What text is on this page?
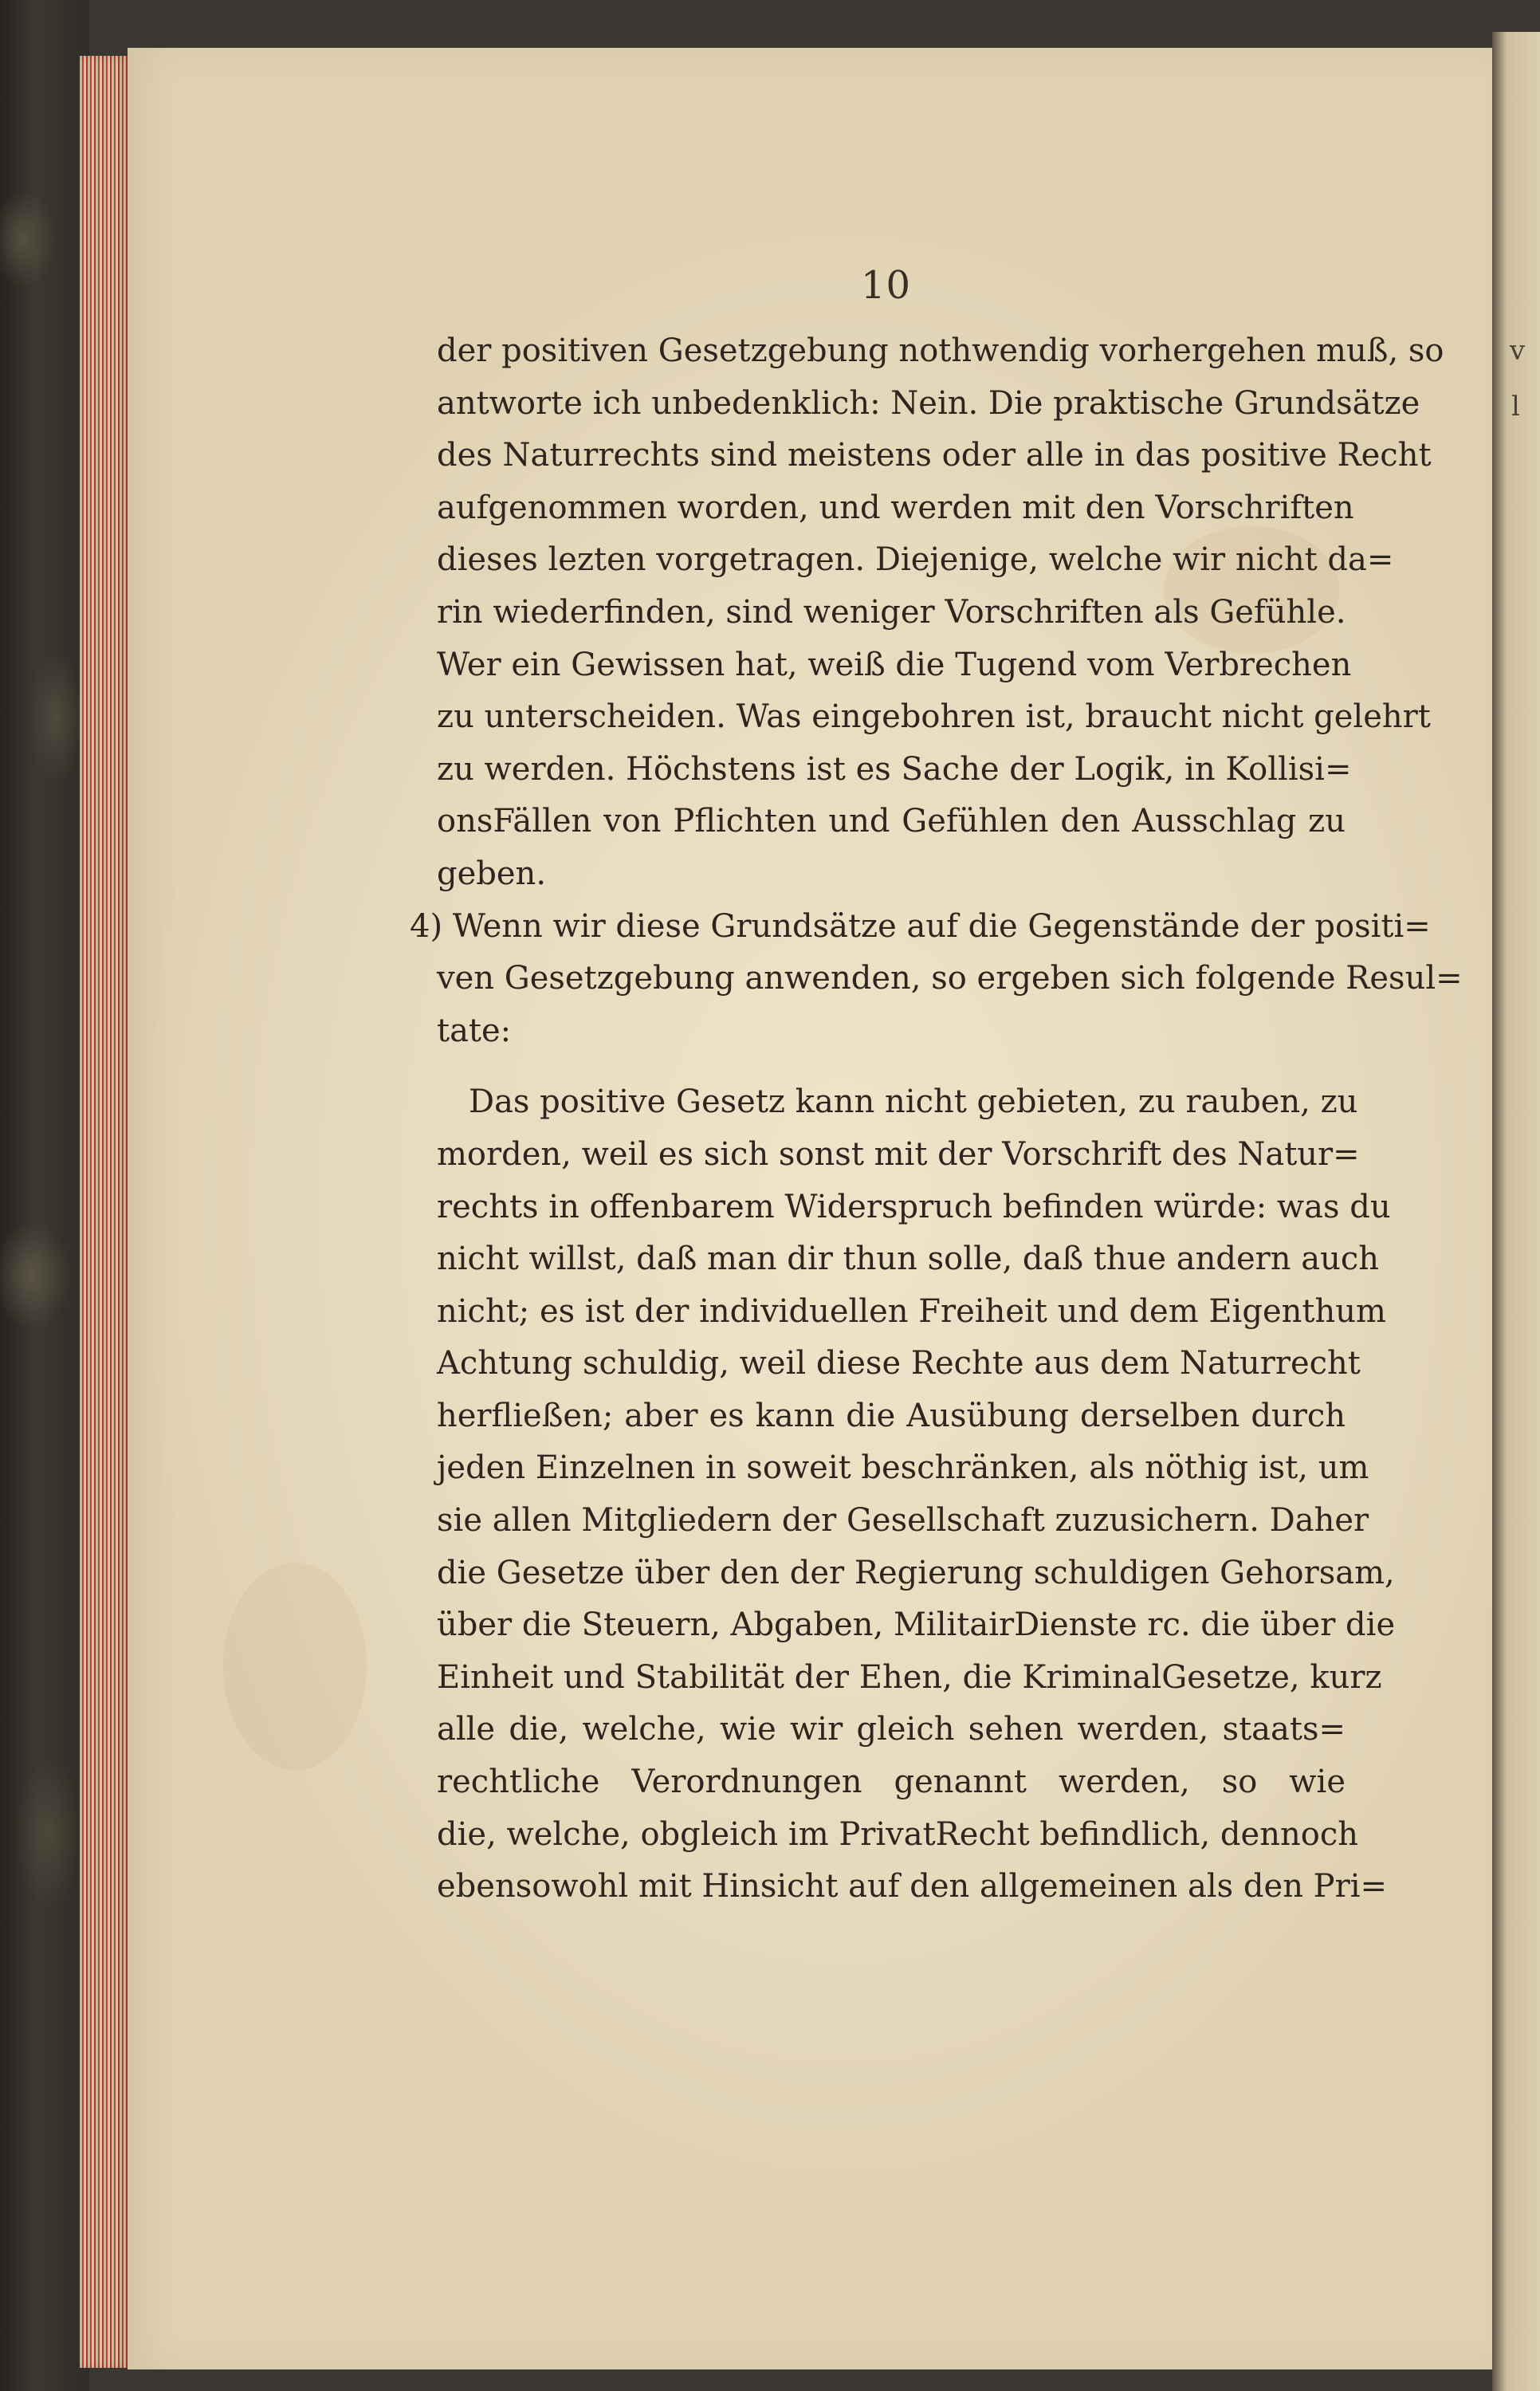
v
l
10
der positiven Gesetzgebung nothwendig vorhergehen muß, so
antworte ich unbedenklich: Nein. Die praktische Grundsätze
des Naturrechts sind meistens oder alle in das positive Recht
aufgenommen worden, und werden mit den Vorschriften
dieses lezten vorgetragen. Diejenige, welche wir nicht da=
rin wiederfinden, sind weniger Vorschriften als Gefühle.
Wer ein Gewissen hat, weiß die Tugend vom Verbrechen
zu unterscheiden. Was eingebohren ist, braucht nicht gelehrt
zu werden. Höchstens ist es Sache der Logik, in Kollisi=
onsFällen von Pflichten und Gefühlen den Ausschlag zu
geben.
4) Wenn wir diese Grundsätze auf die Gegenstände der positi=
ven Gesetzgebung anwenden, so ergeben sich folgende Resul=
tate:
Das positive Gesetz kann nicht gebieten, zu rauben, zu
morden, weil es sich sonst mit der Vorschrift des Natur=
rechts in offenbarem Widerspruch befinden würde: was du
nicht willst, daß man dir thun solle, daß thue andern auch
nicht; es ist der individuellen Freiheit und dem Eigenthum
Achtung schuldig, weil diese Rechte aus dem Naturrecht
herfließen; aber es kann die Ausübung derselben durch
jeden Einzelnen in soweit beschränken, als nöthig ist, um
sie allen Mitgliedern der Gesellschaft zuzusichern. Daher
die Gesetze über den der Regierung schuldigen Gehorsam,
über die Steuern, Abgaben, MilitairDienste rc. die über die
Einheit und Stabilität der Ehen, die KriminalGesetze, kurz
alle die, welche, wie wir gleich sehen werden, staats=
rechtliche Verordnungen genannt werden, so wie
die, welche, obgleich im PrivatRecht befindlich, dennoch
ebensowohl mit Hinsicht auf den allgemeinen als den Pri=
